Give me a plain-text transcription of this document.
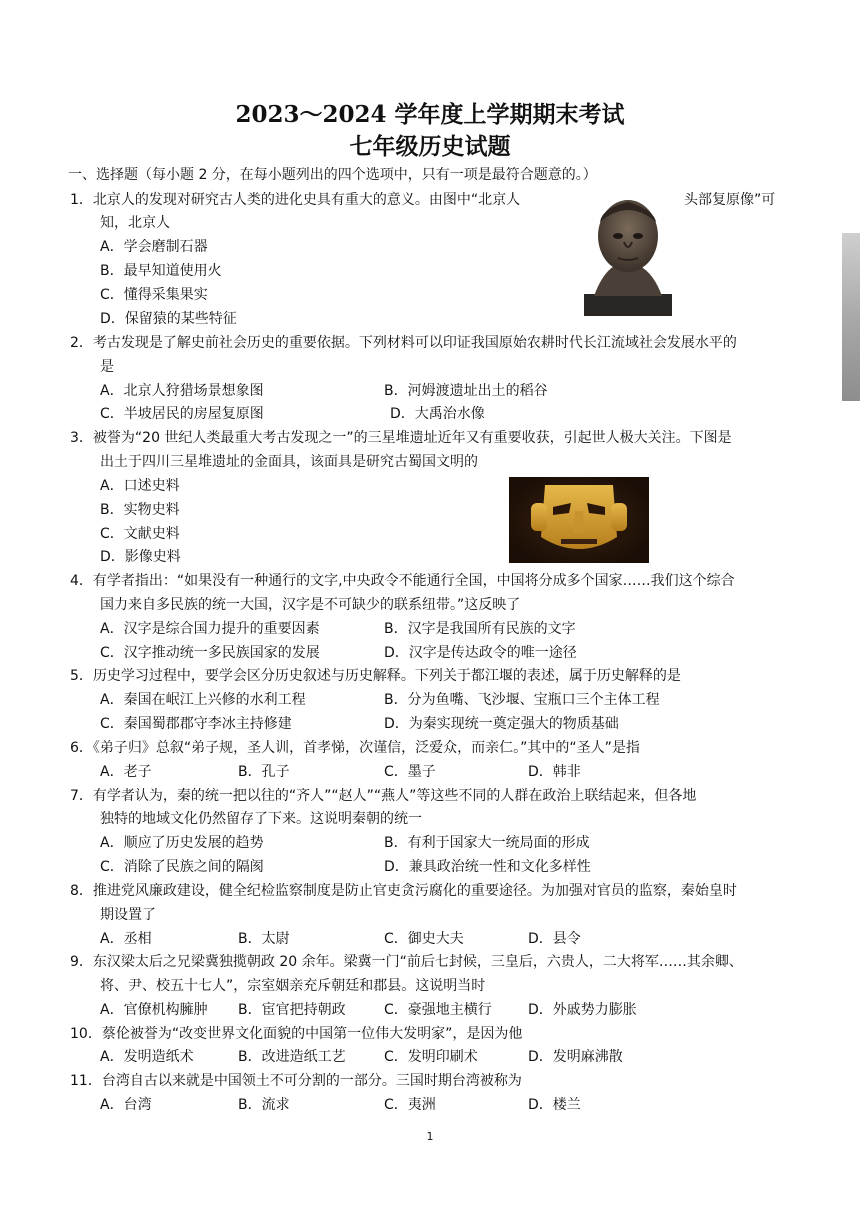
2023～2024 学年度上学期期末考试
七年级历史试题
一、选择题（每小题 2 分，在每小题列出的四个选项中，只有一项是最符合题意的。）
1．北京人的发现对研究古人类的进化史具有重大的意义。由图中“北京人	头部复原像”可
知，北京人
A．学会磨制石器
B．最早知道使用火
C．懂得采集果实
D．保留猿的某些特征
2．考古发现是了解史前社会历史的重要依据。下列材料可以印证我国原始农耕时代长江流域社会发展水平的
是
A．北京人狩猎场景想象图	B．河姆渡遗址出土的稻谷
C．半坡居民的房屋复原图	D．大禹治水像
3．被誉为“20 世纪人类最重大考古发现之一”的三星堆遗址近年又有重要收获，引起世人极大关注。下图是
出土于四川三星堆遗址的金面具，该面具是研究古蜀国文明的
A．口述史料
B．实物史料
C．文献史料
D．影像史料
4．有学者指出：“如果没有一种通行的文字,中央政令不能通行全国，中国将分成多个国家……我们这个综合
国力来自多民族的统一大国，汉字是不可缺少的联系纽带。”这反映了
A．汉字是综合国力提升的重要因素	B．汉字是我国所有民族的文字
C．汉字推动统一多民族国家的发展	D．汉字是传达政令的唯一途径
5．历史学习过程中，要学会区分历史叙述与历史解释。下列关于都江堰的表述，属于历史解释的是
A．秦国在岷江上兴修的水利工程	B．分为鱼嘴、飞沙堰、宝瓶口三个主体工程
C．秦国蜀郡郡守李冰主持修建	D．为秦实现统一奠定强大的物质基础
6．《弟子归》总叙“弟子规，圣人训，首孝悌，次谨信，泛爱众，而亲仁。”其中的“圣人”是指
A．老子	B．孔子	C．墨子	D．韩非
7．有学者认为，秦的统一把以往的“齐人”“赵人”“燕人”等这些不同的人群在政治上联结起来，但各地
独特的地域文化仍然留存了下来。这说明秦朝的统一
A．顺应了历史发展的趋势	B．有利于国家大一统局面的形成
C．消除了民族之间的隔阂	D．兼具政治统一性和文化多样性
8．推进党风廉政建设，健全纪检监察制度是防止官吏贪污腐化的重要途径。为加强对官员的监察，秦始皇时
期设置了
A．丞相	B．太尉	C．御史大夫	D．县令
9．东汉梁太后之兄梁冀独揽朝政 20 余年。梁冀一门“前后七封候，三皇后，六贵人，二大将军……其余卿、
将、尹、校五十七人”，宗室姻亲充斥朝廷和郡县。这说明当时
A．官僚机构臃肿 B．宦官把持朝政	C．豪强地主横行	D．外戚势力膨胀
10．蔡伦被誉为“改变世界文化面貌的中国第一位伟大发明家”，是因为他
A．发明造纸术	B．改进造纸工艺	C．发明印刷术	D．发明麻沸散
11．台湾自古以来就是中国领土不可分割的一部分。三国时期台湾被称为
A．台湾	B．流求	C．夷洲	D．楼兰
1
